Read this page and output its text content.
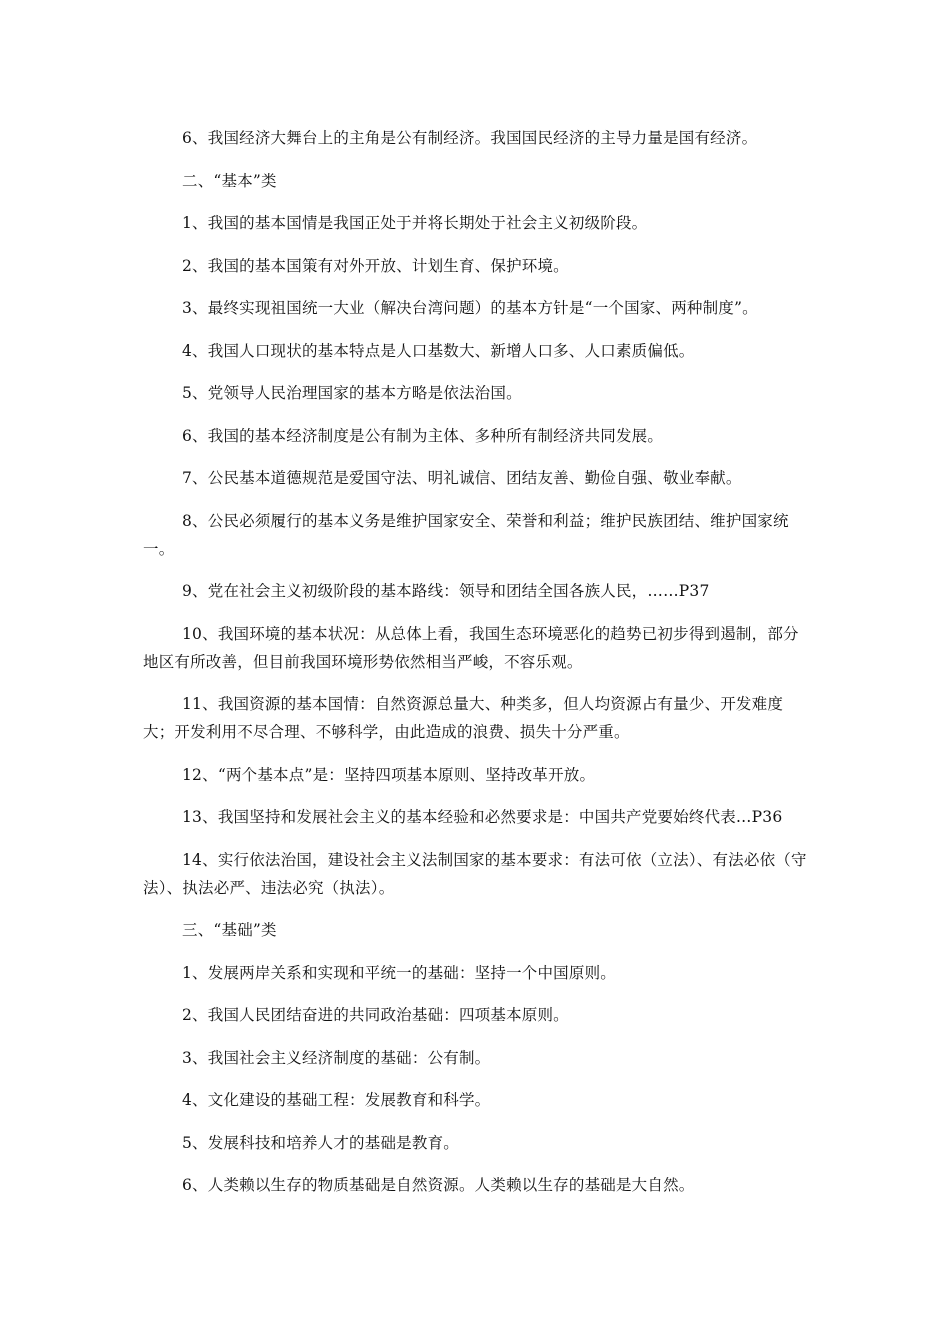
6、我国经济大舞台上的主角是公有制经济。我国国民经济的主导力量是国有经济。

二、“基本”类

1、我国的基本国情是我国正处于并将长期处于社会主义初级阶段。

2、我国的基本国策有对外开放、计划生育、保护环境。

3、最终实现祖国统一大业（解决台湾问题）的基本方针是“一个国家、两种制度”。

4、我国人口现状的基本特点是人口基数大、新增人口多、人口素质偏低。

5、党领导人民治理国家的基本方略是依法治国。

6、我国的基本经济制度是公有制为主体、多种所有制经济共同发展。

7、公民基本道德规范是爱国守法、明礼诚信、团结友善、勤俭自强、敬业奉献。

8、公民必须履行的基本义务是维护国家安全、荣誉和利益；维护民族团结、维护国家统一。

9、党在社会主义初级阶段的基本路线：领导和团结全国各族人民，……P37

10、我国环境的基本状况：从总体上看，我国生态环境恶化的趋势已初步得到遏制，部分地区有所改善，但目前我国环境形势依然相当严峻，不容乐观。

11、我国资源的基本国情：自然资源总量大、种类多，但人均资源占有量少、开发难度大；开发利用不尽合理、不够科学，由此造成的浪费、损失十分严重。

12、“两个基本点”是：坚持四项基本原则、坚持改革开放。

13、我国坚持和发展社会主义的基本经验和必然要求是：中国共产党要始终代表…P36

14、实行依法治国，建设社会主义法制国家的基本要求：有法可依（立法）、有法必依（守法）、执法必严、违法必究（执法）。

三、“基础”类

1、发展两岸关系和实现和平统一的基础：坚持一个中国原则。

2、我国人民团结奋进的共同政治基础：四项基本原则。

3、我国社会主义经济制度的基础：公有制。

4、文化建设的基础工程：发展教育和科学。

5、发展科技和培养人才的基础是教育。

6、人类赖以生存的物质基础是自然资源。人类赖以生存的基础是大自然。
